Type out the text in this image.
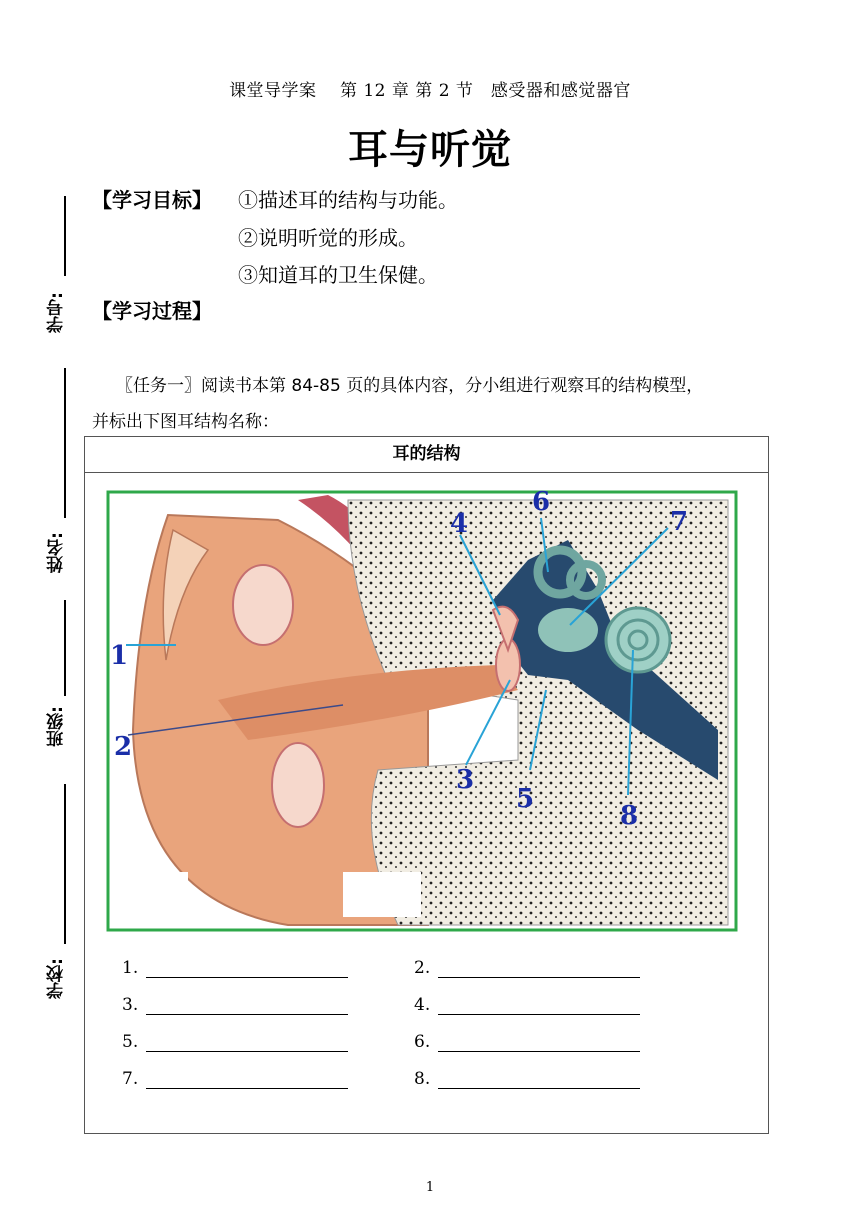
课堂导学案　 第 12 章 第 2 节　感受器和感觉器官
耳与听觉
【学习目标】 ①描述耳的结构与功能。
②说明听觉的形成。
③知道耳的卫生保健。
【学习过程】
〖任务一〗阅读书本第 84-85 页的具体内容，分小组进行观察耳的结构模型，
并标出下图耳结构名称：
学号:
姓名:
班级:
学校:
耳的结构
1
2
3
4
5
6
7
8
1.	2.
3.	4.
5.	6.
7.	8.
1
